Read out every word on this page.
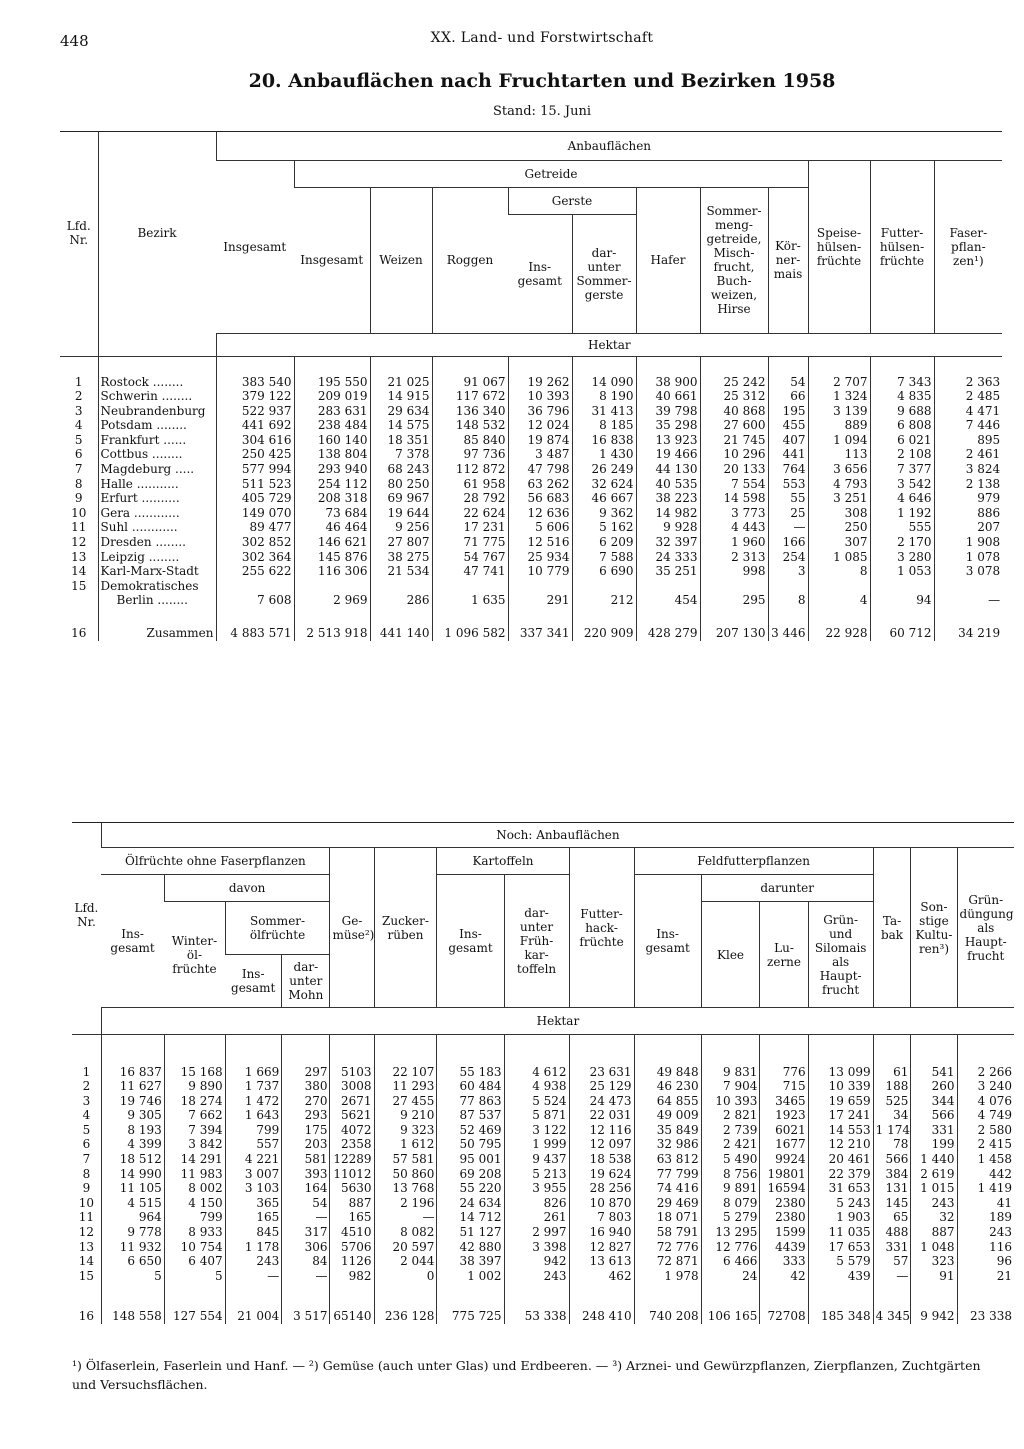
448	XX. Land- und Forstwirtschaft
20. Anbauflächen nach Fruchtarten und Bezirken 1958
Stand: 15. Juni
Lfd. Nr.	Bezirk	Anbauflächen											
		Insgesamt	Getreide								Speise- hülsen- früchte	Futter- hülsen- früchte	Faser- pflan- zen¹)
			Insgesamt	Weizen	Roggen	Gerste		Hafer	Sommer- meng- getreide, Misch- frucht, Buch- weizen, Hirse	Kör- ner- mais			
						Ins- gesamt	dar- unter Sommer- gerste						

		Hektar											

1	Rostock ........	383 540	195 550	21 025	91 067	19 262	14 090	38 900	25 242	54	2 707	7 343	2 363
2	Schwerin ........	379 122	209 019	14 915	117 672	10 393	8 190	40 661	25 312	66	1 324	4 835	2 485
3	Neubrandenburg	522 937	283 631	29 634	136 340	36 796	31 413	39 798	40 868	195	3 139	9 688	4 471
4	Potsdam ........	441 692	238 484	14 575	148 532	12 024	8 185	35 298	27 600	455	889	6 808	7 446
5	Frankfurt ......	304 616	160 140	18 351	85 840	19 874	16 838	13 923	21 745	407	1 094	6 021	895
6	Cottbus ........	250 425	138 804	7 378	97 736	3 487	1 430	19 466	10 296	441	113	2 108	2 461
7	Magdeburg .....	577 994	293 940	68 243	112 872	47 798	26 249	44 130	20 133	764	3 656	7 377	3 824
8	Halle ...........	511 523	254 112	80 250	61 958	63 262	32 624	40 535	7 554	553	4 793	3 542	2 138
9	Erfurt ..........	405 729	208 318	69 967	28 792	56 683	46 667	38 223	14 598	55	3 251	4 646	979
10	Gera ............	149 070	73 684	19 644	22 624	12 636	9 362	14 982	3 773	25	308	1 192	886
11	Suhl ............	89 477	46 464	9 256	17 231	5 606	5 162	9 928	4 443	—	250	555	207
12	Dresden ........	302 852	146 621	27 807	71 775	12 516	6 209	32 397	1 960	166	307	2 170	1 908
13	Leipzig ........	302 364	145 876	38 275	54 767	25 934	7 588	24 333	2 313	254	1 085	3 280	1 078
14	Karl-Marx-Stadt	255 622	116 306	21 534	47 741	10 779	6 690	35 251	998	3	8	1 053	3 078
15	Demokratisches												
	Berlin ........	7 608	2 969	286	1 635	291	212	454	295	8	4	94	—

16	Zusammen	4 883 571	2 513 918	441 140	1 096 582	337 341	220 909	428 279	207 130	3 446	22 928	60 712	34 219
Lfd. Nr.	Noch: Anbauflächen															
	Ölfrüchte ohne Faserpflanzen				Ge- müse²)	Zucker- rüben	Kartoffeln		Futter- hack- früchte	Feldfutterpflanzen				Ta- bak	Son- stige Kultu- ren³)	Grün- düngung als Haupt- frucht
	Ins- gesamt	davon					Ins- gesamt	dar- unter Früh- kar- toffeln		Ins- gesamt	darunter					
		Winter- öl- früchte	Sommer- ölfrüchte								Klee	Lu- zerne	Grün- und Silomais als Haupt- frucht			
			Ins- gesamt	dar- unter Mohn												
	Hektar															

1	16 837	15 168	1 669	297	5103	22 107	55 183	4 612	23 631	49 848	9 831	776	13 099	61	541	2 266
2	11 627	9 890	1 737	380	3008	11 293	60 484	4 938	25 129	46 230	7 904	715	10 339	188	260	3 240
3	19 746	18 274	1 472	270	2671	27 455	77 863	5 524	24 473	64 855	10 393	3465	19 659	525	344	4 076
4	9 305	7 662	1 643	293	5621	9 210	87 537	5 871	22 031	49 009	2 821	1923	17 241	34	566	4 749
5	8 193	7 394	799	175	4072	9 323	52 469	3 122	12 116	35 849	2 739	6021	14 553	1 174	331	2 580
6	4 399	3 842	557	203	2358	1 612	50 795	1 999	12 097	32 986	2 421	1677	12 210	78	199	2 415
7	18 512	14 291	4 221	581	12289	57 581	95 001	9 437	18 538	63 812	5 490	9924	20 461	566	1 440	1 458
8	14 990	11 983	3 007	393	11012	50 860	69 208	5 213	19 624	77 799	8 756	19801	22 379	384	2 619	442
9	11 105	8 002	3 103	164	5630	13 768	55 220	3 955	28 256	74 416	9 891	16594	31 653	131	1 015	1 419
10	4 515	4 150	365	54	887	2 196	24 634	826	10 870	29 469	8 079	2380	5 243	145	243	41
11	964	799	165	—	165	—	14 712	261	7 803	18 071	5 279	2380	1 903	65	32	189
12	9 778	8 933	845	317	4510	8 082	51 127	2 997	16 940	58 791	13 295	1599	11 035	488	887	243
13	11 932	10 754	1 178	306	5706	20 597	42 880	3 398	12 827	72 776	12 776	4439	17 653	331	1 048	116
14	6 650	6 407	243	84	1126	2 044	38 397	942	13 613	72 871	6 466	333	5 579	57	323	96
15	5	5	—	—	982	0	1 002	243	462	1 978	24	42	439	—	91	21

16	148 558	127 554	21 004	3 517	65140	236 128	775 725	53 338	248 410	740 208	106 165	72708	185 348	4 345	9 942	23 338
¹) Ölfaserlein, Faserlein und Hanf. — ²) Gemüse (auch unter Glas) und Erdbeeren. — ³) Arznei- und Gewürzpflanzen, Zierpflanzen, Zuchtgärten und Versuchsflächen.
